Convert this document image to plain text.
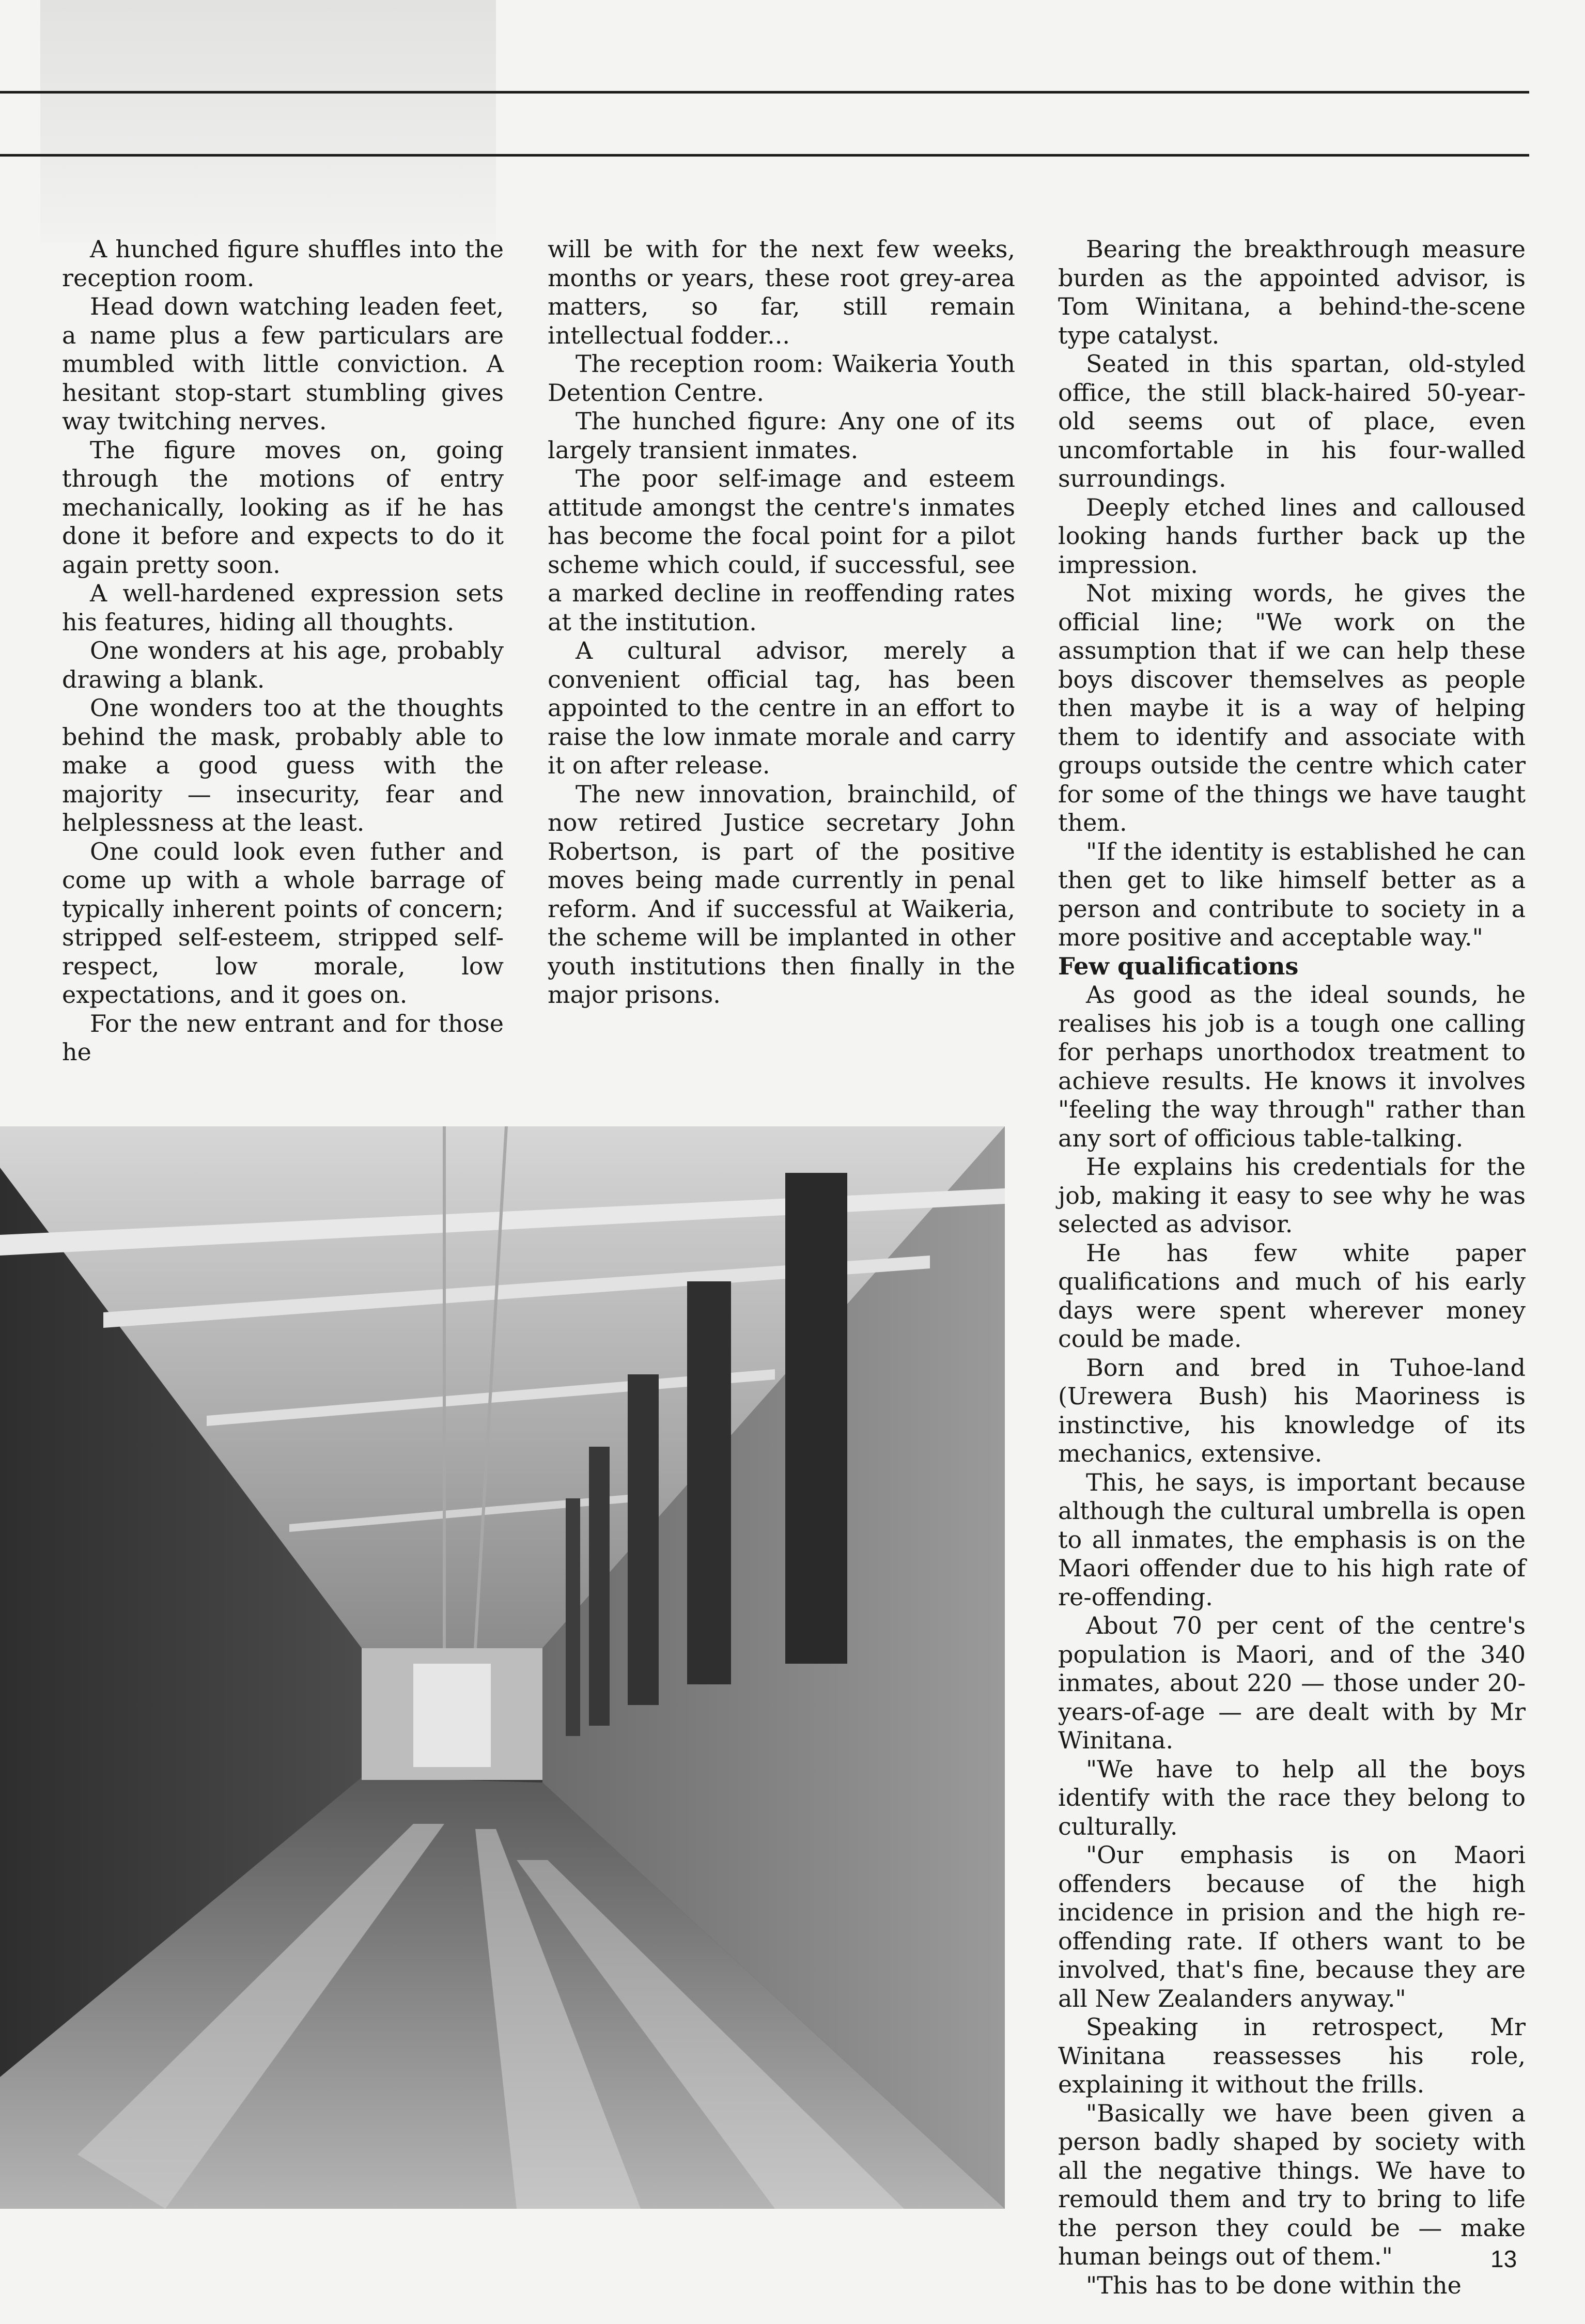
A hunched figure shuffles into the reception room.

Head down watching leaden feet, a name plus a few particulars are mumbled with little conviction. A hesitant stop-start stumbling gives way twitching nerves.

The figure moves on, going through the motions of entry mechanically, looking as if he has done it before and expects to do it again pretty soon.

A well-hardened expression sets his features, hiding all thoughts.

One wonders at his age, probably drawing a blank.

One wonders too at the thoughts behind the mask, probably able to make a good guess with the majority — insecurity, fear and helplessness at the least.

One could look even futher and come up with a whole barrage of typically inherent points of concern; stripped self-esteem, stripped self-respect, low morale, low expectations, and it goes on.

For the new entrant and for those he

will be with for the next few weeks, months or years, these root grey-area matters, so far, still remain intellectual fodder...

The reception room: Waikeria Youth Detention Centre.

The hunched figure: Any one of its largely transient inmates.

The poor self-image and esteem attitude amongst the centre's inmates has become the focal point for a pilot scheme which could, if successful, see a marked decline in reoffending rates at the institution.

A cultural advisor, merely a convenient official tag, has been appointed to the centre in an effort to raise the low inmate morale and carry it on after release.

The new innovation, brainchild, of now retired Justice secretary John Robertson, is part of the positive moves being made currently in penal reform. And if successful at Waikeria, the scheme will be implanted in other youth institutions then finally in the major prisons.

Bearing the breakthrough measure burden as the appointed advisor, is Tom Winitana, a behind-the-scene type catalyst.

Seated in this spartan, old-styled office, the still black-haired 50-year-old seems out of place, even uncomfortable in his four-walled surroundings.

Deeply etched lines and calloused looking hands further back up the impression.

Not mixing words, he gives the official line; "We work on the assumption that if we can help these boys discover themselves as people then maybe it is a way of helping them to identify and associate with groups outside the centre which cater for some of the things we have taught them.

"If the identity is established he can then get to like himself better as a person and contribute to society in a more positive and acceptable way."

Few qualifications

As good as the ideal sounds, he realises his job is a tough one calling for perhaps unorthodox treatment to achieve results. He knows it involves "feeling the way through" rather than any sort of officious table-talking.

He explains his credentials for the job, making it easy to see why he was selected as advisor.

He has few white paper qualifications and much of his early days were spent wherever money could be made.

Born and bred in Tuhoe-land (Urewera Bush) his Maoriness is instinctive, his knowledge of its mechanics, extensive.

This, he says, is important because although the cultural umbrella is open to all inmates, the emphasis is on the Maori offender due to his high rate of re-offending.

About 70 per cent of the centre's population is Maori, and of the 340 inmates, about 220 — those under 20-years-of-age — are dealt with by Mr Winitana.

"We have to help all the boys identify with the race they belong to culturally.

"Our emphasis is on Maori offenders because of the high incidence in prision and the high re-offending rate. If others want to be involved, that's fine, because they are all New Zealanders anyway."

Speaking in retrospect, Mr Winitana reassesses his role, explaining it without the frills.

"Basically we have been given a person badly shaped by society with all the negative things. We have to remould them and try to bring to life the person they could be — make human beings out of them."

"This has to be done within the

13
